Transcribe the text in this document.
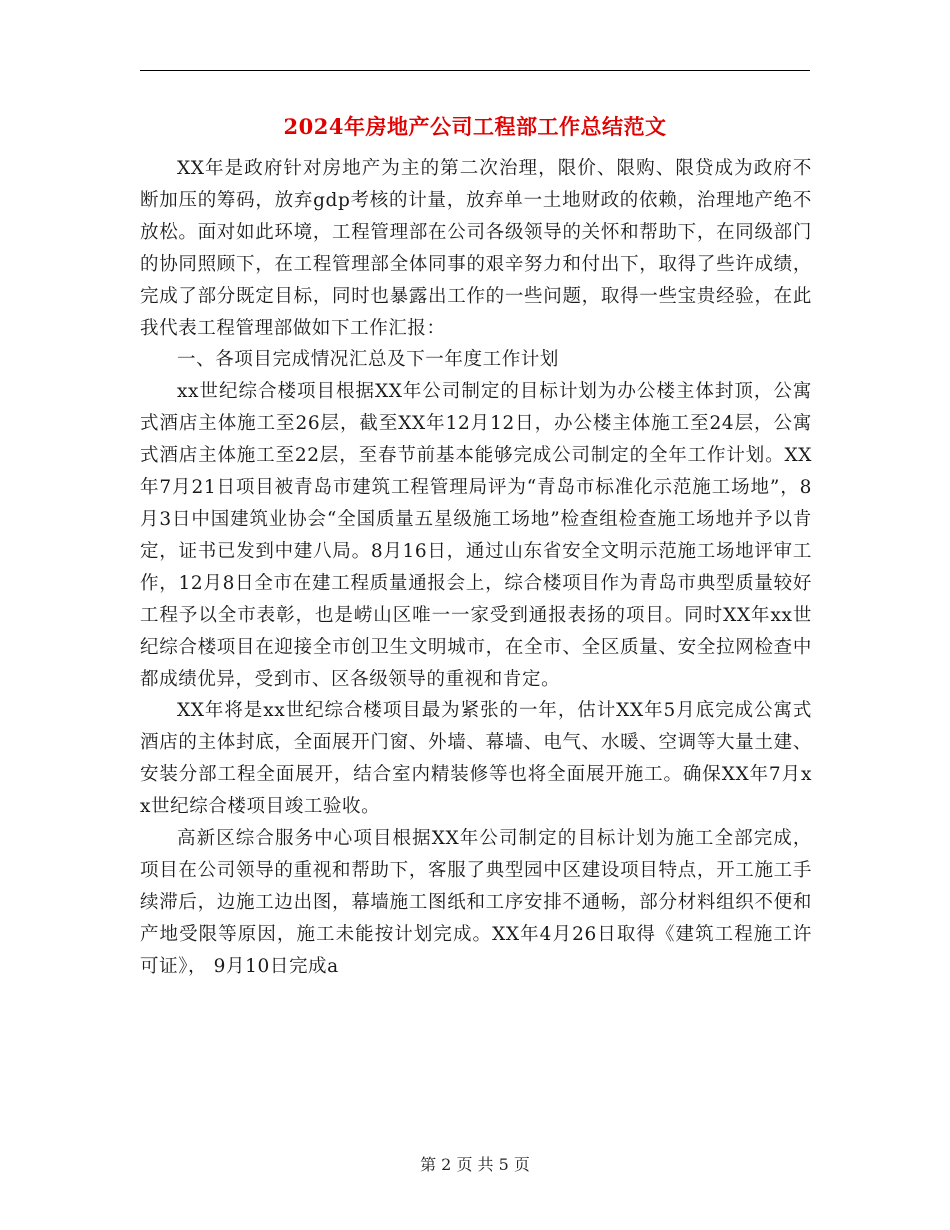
2024年房地产公司工程部工作总结范文

XX年是政府针对房地产为主的第二次治理，限价、限购、限贷成为政府不断加压的筹码，放弃gdp考核的计量，放弃单一土地财政的依赖，治理地产绝不放松。面对如此环境，工程管理部在公司各级领导的关怀和帮助下，在同级部门的协同照顾下，在工程管理部全体同事的艰辛努力和付出下，取得了些许成绩，完成了部分既定目标，同时也暴露出工作的一些问题，取得一些宝贵经验，在此我代表工程管理部做如下工作汇报：

一、各项目完成情况汇总及下一年度工作计划

xx世纪综合楼项目根据XX年公司制定的目标计划为办公楼主体封顶，公寓式酒店主体施工至26层，截至XX年12月12日，办公楼主体施工至24层，公寓式酒店主体施工至22层，至春节前基本能够完成公司制定的全年工作计划。XX年7月21日项目被青岛市建筑工程管理局评为“青岛市标准化示范施工场地”，8月3日中国建筑业协会“全国质量五星级施工场地”检查组检查施工场地并予以肯定，证书已发到中建八局。8月16日，通过山东省安全文明示范施工场地评审工作，12月8日全市在建工程质量通报会上，综合楼项目作为青岛市典型质量较好工程予以全市表彰，也是崂山区唯一一家受到通报表扬的项目。同时XX年xx世纪综合楼项目在迎接全市创卫生文明城市，在全市、全区质量、安全拉网检查中都成绩优异，受到市、区各级领导的重视和肯定。

XX年将是xx世纪综合楼项目最为紧张的一年，估计XX年5月底完成公寓式酒店的主体封底，全面展开门窗、外墙、幕墙、电气、水暖、空调等大量土建、安装分部工程全面展开，结合室内精装修等也将全面展开施工。确保XX年7月xx世纪综合楼项目竣工验收。

高新区综合服务中心项目根据XX年公司制定的目标计划为施工全部完成，项目在公司领导的重视和帮助下，客服了典型园中区建设项目特点，开工施工手续滞后，边施工边出图，幕墙施工图纸和工序安排不通畅，部分材料组织不便和产地受限等原因，施工未能按计划完成。XX年4月26日取得《建筑工程施工许可证》， 9月10日完成a

第 2 页 共 5 页
